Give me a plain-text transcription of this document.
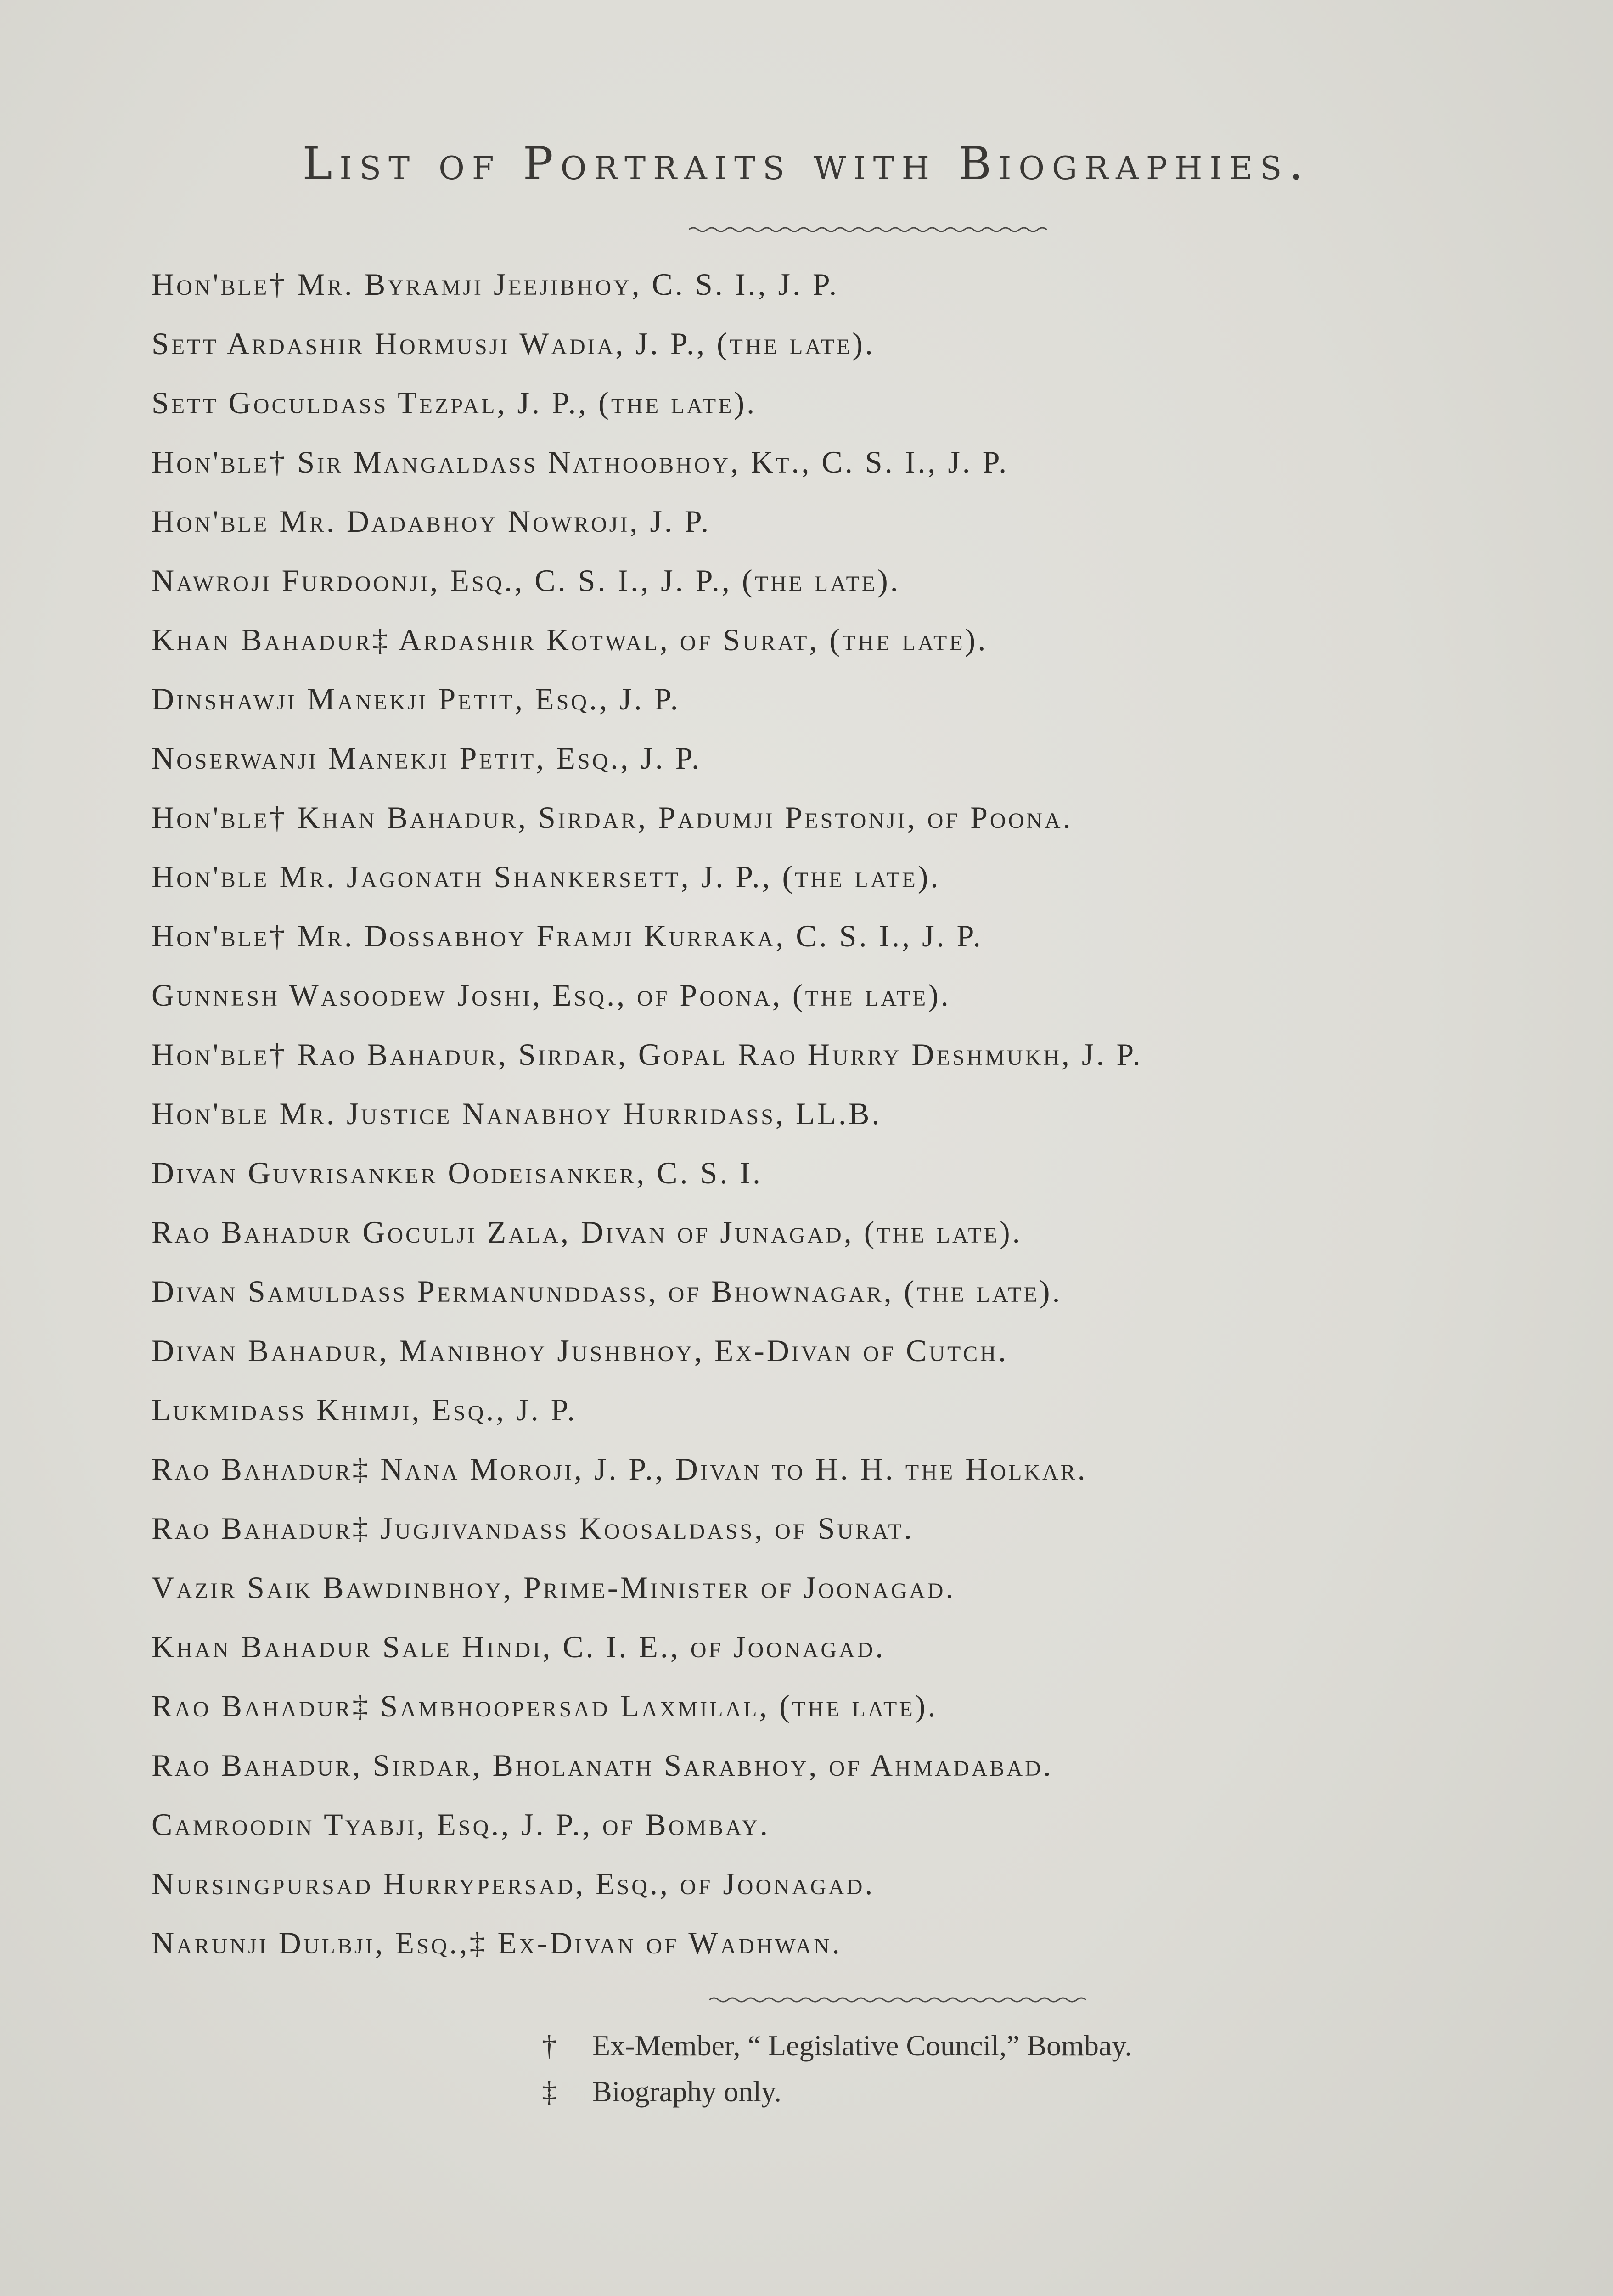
List of Portraits with Biographies.
Hon'ble† Mr. Byramji Jeejibhoy, C. S. I., J. P.
Sett Ardashir Hormusji Wadia, J. P., (the late).
Sett Goculdass Tezpal, J. P., (the late).
Hon'ble† Sir Mangaldass Nathoobhoy, Kt., C. S. I., J. P.
Hon'ble Mr. Dadabhoy Nowroji, J. P.
Nawroji Furdoonji, Esq., C. S. I., J. P., (the late).
Khan Bahadur‡ Ardashir Kotwal, of Surat, (the late).
Dinshawji Manekji Petit, Esq., J. P.
Noserwanji Manekji Petit, Esq., J. P.
Hon'ble† Khan Bahadur, Sirdar, Padumji Pestonji, of Poona.
Hon'ble Mr. Jagonath Shankersett, J. P., (the late).
Hon'ble† Mr. Dossabhoy Framji Kurraka, C. S. I., J. P.
Gunnesh Wasoodew Joshi, Esq., of Poona, (the late).
Hon'ble† Rao Bahadur, Sirdar, Gopal Rao Hurry Deshmukh, J. P.
Hon'ble Mr. Justice Nanabhoy Hurridass, LL.B.
Divan Guvrisanker Oodeisanker, C. S. I.
Rao Bahadur Goculji Zala, Divan of Junagad, (the late).
Divan Samuldass Permanunddass, of Bhownagar, (the late).
Divan Bahadur, Manibhoy Jushbhoy, Ex-Divan of Cutch.
Lukmidass Khimji, Esq., J. P.
Rao Bahadur‡ Nana Moroji, J. P., Divan to H. H. the Holkar.
Rao Bahadur‡ Jugjivandass Koosaldass, of Surat.
Vazir Saik Bawdinbhoy, Prime-Minister of Joonagad.
Khan Bahadur Sale Hindi, C. I. E., of Joonagad.
Rao Bahadur‡ Sambhoopersad Laxmilal, (the late).
Rao Bahadur, Sirdar, Bholanath Sarabhoy, of Ahmadabad.
Camroodin Tyabji, Esq., J. P., of Bombay.
Nursingpursad Hurrypersad, Esq., of Joonagad.
Narunji Dulbji, Esq.,‡ Ex-Divan of Wadhwan.
† Ex-Member, “ Legislative Council,” Bombay.
‡ Biography only.
